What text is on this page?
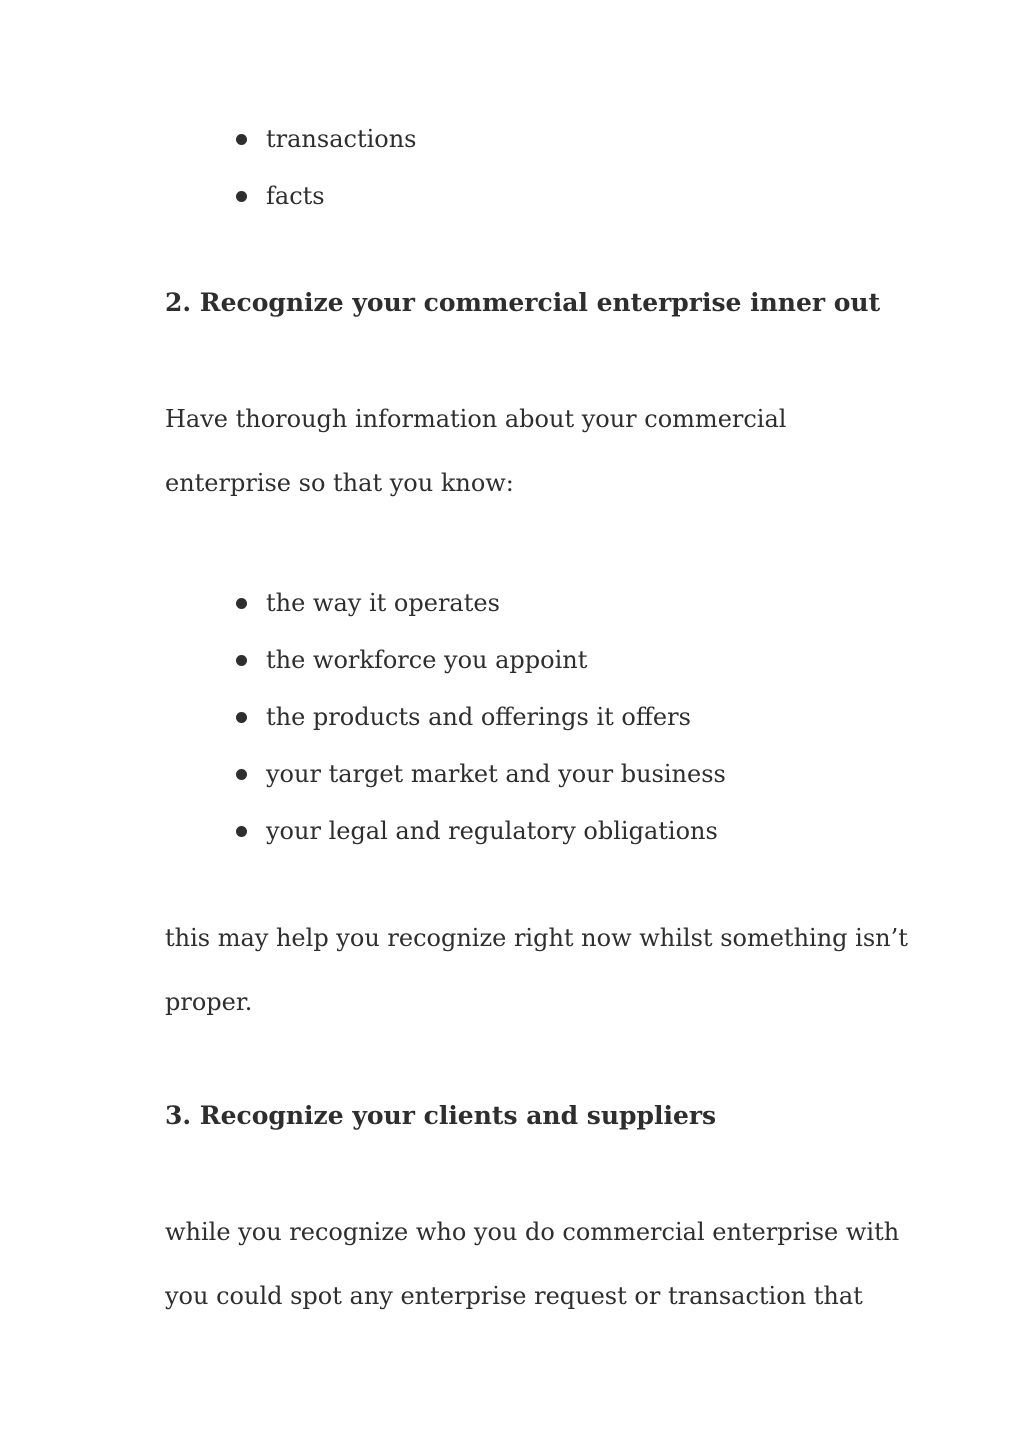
transactions
facts
2. Recognize your commercial enterprise inner out

Have thorough information about your commercial

enterprise so that you know:

the way it operates
the workforce you appoint
the products and offerings it offers
your target market and your business
your legal and regulatory obligations

this may help you recognize right now whilst something isn’t

proper.

3. Recognize your clients and suppliers

while you recognize who you do commercial enterprise with

you could spot any enterprise request or transaction that
